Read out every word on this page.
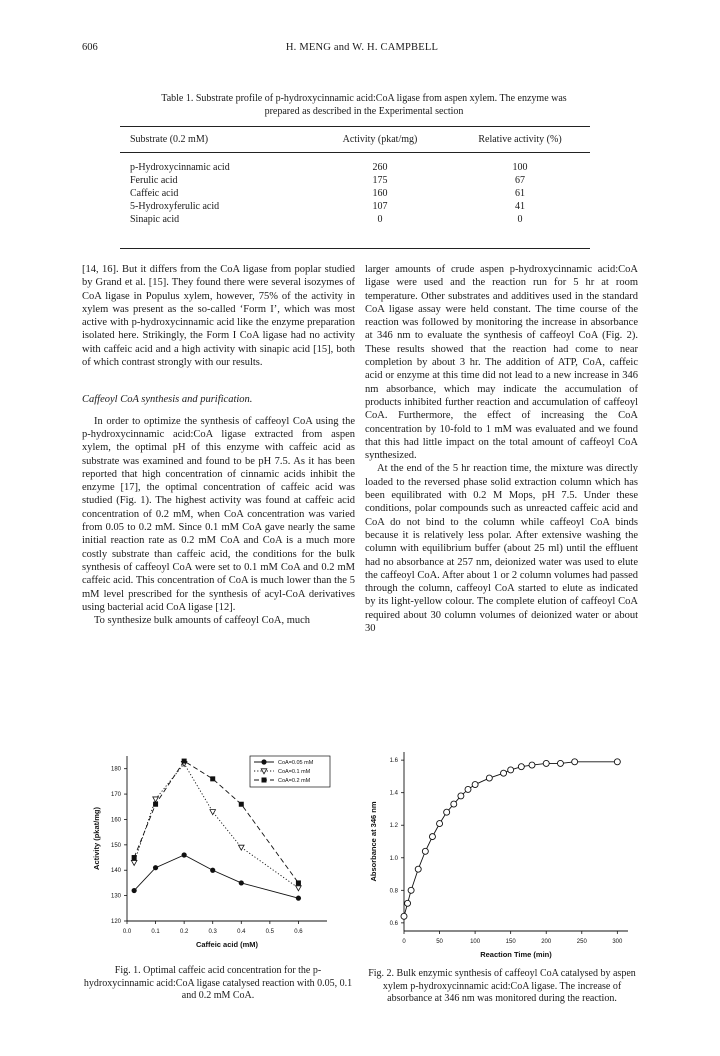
606	H. MENG and W. H. CAMPBELL
Table 1. Substrate profile of p-hydroxycinnamic acid:CoA ligase from aspen xylem. The enzyme was prepared as described in the Experimental section
Substrate (0.2 mM)	Activity (pkat/mg)	Relative activity (%)
p-Hydroxycinnamic acid	260	100
Ferulic acid	175	67
Caffeic acid	160	61
5-Hydroxyferulic acid	107	41
Sinapic acid	0	0

[14, 16]. But it differs from the CoA ligase from poplar studied by Grand et al. [15]. They found there were several isozymes of CoA ligase in Populus xylem, however, 75% of the activity in xylem was present as the so-called ‘Form I’, which was most active with p-hydroxycinnamic acid like the enzyme preparation isolated here. Strikingly, the Form I CoA ligase had no activity with caffeic acid and a high activity with sinapic acid [15], both of which contrast strongly with our results.

Caffeoyl CoA synthesis and purification.

In order to optimize the synthesis of caffeoyl CoA using the p-hydroxycinnamic acid:CoA ligase extracted from aspen xylem, the optimal pH of this enzyme with caffeic acid as substrate was examined and found to be pH 7.5. As it has been reported that high concentration of cinnamic acids inhibit the enzyme [17], the optimal concentration of caffeic acid was studied (Fig. 1). The highest activity was found at caffeic acid concentration of 0.2 mM, when CoA concentration was varied from 0.05 to 0.2 mM. Since 0.1 mM CoA gave nearly the same initial reaction rate as 0.2 mM CoA and CoA is a much more costly substrate than caffeic acid, the conditions for the bulk synthesis of caffeoyl CoA were set to 0.1 mM CoA and 0.2 mM caffeic acid. This concentration of CoA is much lower than the 5 mM level prescribed for the synthesis of acyl-CoA derivatives using bacterial acid CoA ligase [12].

To synthesize bulk amounts of caffeoyl CoA, much

larger amounts of crude aspen p-hydroxycinnamic acid:CoA ligase were used and the reaction run for 5 hr at room temperature. Other substrates and additives used in the standard CoA ligase assay were held constant. The time course of the reaction was followed by monitoring the increase in absorbance at 346 nm to evaluate the synthesis of caffeoyl CoA (Fig. 2). These results showed that the reaction had come to near completion by about 3 hr. The addition of ATP, CoA, caffeic acid or enzyme at this time did not lead to a new increase in 346 nm absorbance, which may indicate the accumulation of products inhibited further reaction and accumulation of caffeoyl CoA. Furthermore, the effect of increasing the CoA concentration by 10-fold to 1 mM was evaluated and we found that this had little impact on the total amount of caffeoyl CoA synthesized.

At the end of the 5 hr reaction time, the mixture was directly loaded to the reversed phase solid extraction column which has been equilibrated with 0.2 M Mops, pH 7.5. Under these conditions, polar compounds such as unreacted caffeic acid and CoA do not bind to the column while caffeoyl CoA binds because it is relatively less polar. After extensive washing the column with equilibrium buffer (about 25 ml) until the effluent had no absorbance at 257 nm, deionized water was used to elute the caffeoyl CoA. After about 1 or 2 column volumes had passed through the column, caffeoyl CoA started to elute as indicated by its light-yellow colour. The complete elution of caffeoyl CoA required about 30 column volumes of deionized water or about 30

0.0	0.1	0.2	0.3	0.4	0.5	0.6
120
130
140
150
160
170
180
Caffeic acid (mM)
Activity (pkat/mg)
CoA=0.05 mM
CoA=0.1 mM
CoA=0.2 mM
0	50	100	150	200	250	300
0.6
0.8
1.0
1.2
1.4
1.6
Reaction Time (min)
Absorbance at 346 nm
Fig. 1. Optimal caffeic acid concentration for the p-hydroxycinnamic acid:CoA ligase catalysed reaction with 0.05, 0.1 and 0.2 mM CoA.
Fig. 2. Bulk enzymic synthesis of caffeoyl CoA catalysed by aspen xylem p-hydroxycinnamic acid:CoA ligase. The increase of absorbance at 346 nm was monitored during the reaction.
